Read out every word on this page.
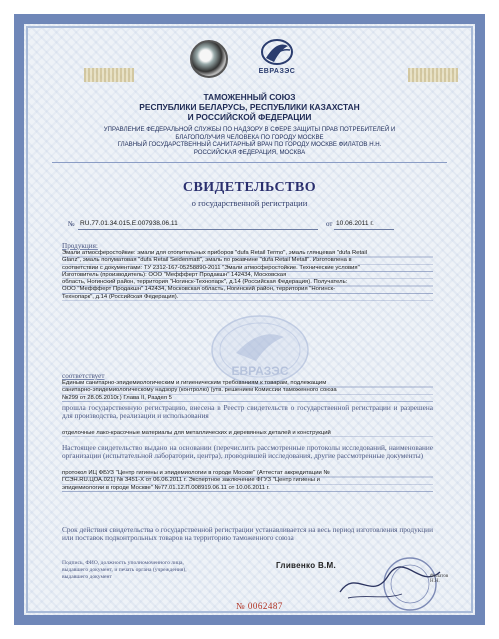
ЕВРАЗЭС
ТАМОЖЕННЫЙ СОЮЗ
РЕСПУБЛИКИ БЕЛАРУСЬ, РЕСПУБЛИКИ КАЗАХСТАН
И РОССИЙСКОЙ ФЕДЕРАЦИИ
УПРАВЛЕНИЕ ФЕДЕРАЛЬНОЙ СЛУЖБЫ ПО НАДЗОРУ В СФЕРЕ ЗАЩИТЫ ПРАВ ПОТРЕБИТЕЛЕЙ И
БЛАГОПОЛУЧИЯ ЧЕЛОВЕКА ПО ГОРОДУ МОСКВЕ
ГЛАВНЫЙ ГОСУДАРСТВЕННЫЙ САНИТАРНЫЙ ВРАЧ ПО ГОРОДУ МОСКВЕ ФИЛАТОВ Н.Н.
РОССИЙСКАЯ ФЕДЕРАЦИЯ, МОСКВА
СВИДЕТЕЛЬСТВО
о государственной регистрации
№ RU.77.01.34.015.Е.007938.06.11	от 10.06.2011 г.
Продукция:
Эмали атмосферостойкие: эмали для отопительных приборов "dufa Retail Termo", эмаль глянцевая "dufa Retail
Glanz", эмаль полуматовая "dufa Retail Seidenmatt", эмаль по ржавчине "dufa Retail Metall". Изготовлена в
соответствии с документами: ТУ 2312-167-05258890-2011 "Эмали атмосферостойкие. Технические условия"
Изготовитель (производитель): ООО "Меффферт Продакшн" 142434, Московская
область, Ногинский район, территория "Ногинск-Технопарк", д.14 (Российская Федерация). Получатель:
ООО "Меффферт Продакшн" 142434, Московская область, Ногинский район, территория "Ногинск-
Технопарк", д.14 (Российская Федерация).
ЕВРАЗЭС
соответствует
Единым санитарно-эпидемиологическим и гигиеническим требованиям к товарам, подлежащим
санитарно-эпидемиологическому надзору (контролю) (утв. решением Комиссии таможенного союза
№299 от 28.05.2010г.) Глава II, Раздел 5
прошла государственную регистрацию, внесена в Реестр свидетельств о государственной регистрации и разрешена для производства, реализации и использования
отделочные лако-красочные материалы для металлических и деревянных деталей и конструкций
Настоящее свидетельство выдано на основании (перечислить рассмотренные протоколы исследований, наименование организации (испытательной лаборатории, центра), проводившей исследования, другие рассмотренные документы)
протокол ИЦ ФБУЗ "Центр гигиены и эпидемиологии в городе Москве" (Аттестат аккредитации №
ГСЭН.RU.ЦОА.021) № 3451-Х от 06.06.2011 г. Экспертное заключение ФГУЗ "Центр гигиены и
эпидемиологии в городе Москве" №77.01.12.П.008919.06.11 от 10.06.2011 г.
Срок действия свидетельства о государственной регистрации устанавливается на весь период изготовления продукции или поставок подконтрольных товаров на территорию таможенного союза
Подпись, ФИО, должность уполномоченного лица, выдавшего документ, и печать органа (учреждения), выдавшего документ
Гливенко В.М.
Филатов Н.Н.
№ 0062487
